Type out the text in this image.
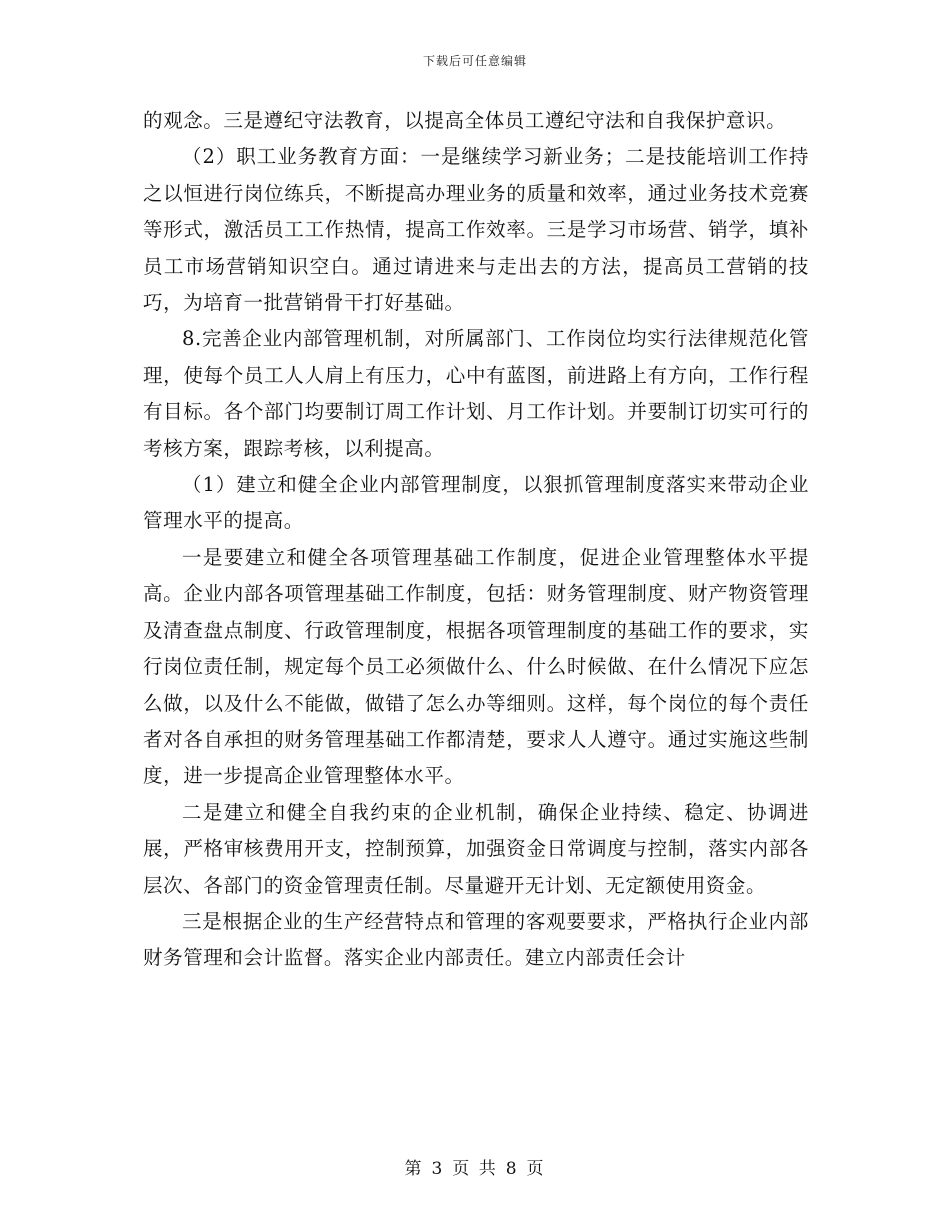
下载后可任意编辑

的观念。三是遵纪守法教育，以提高全体员工遵纪守法和自我保护意识。

（2）职工业务教育方面：一是继续学习新业务；二是技能培训工作持之以恒进行岗位练兵，不断提高办理业务的质量和效率，通过业务技术竞赛等形式，激活员工工作热情，提高工作效率。三是学习市场营、销学，填补员工市场营销知识空白。通过请进来与走出去的方法，提高员工营销的技巧，为培育一批营销骨干打好基础。

8.完善企业内部管理机制，对所属部门、工作岗位均实行法律规范化管理，使每个员工人人肩上有压力，心中有蓝图，前进路上有方向，工作行程有目标。各个部门均要制订周工作计划、月工作计划。并要制订切实可行的考核方案，跟踪考核，以利提高。

（1）建立和健全企业内部管理制度，以狠抓管理制度落实来带动企业管理水平的提高。

一是要建立和健全各项管理基础工作制度，促进企业管理整体水平提高。企业内部各项管理基础工作制度，包括：财务管理制度、财产物资管理及清查盘点制度、行政管理制度，根据各项管理制度的基础工作的要求，实行岗位责任制，规定每个员工必须做什么、什么时候做、在什么情况下应怎么做，以及什么不能做，做错了怎么办等细则。这样，每个岗位的每个责任者对各自承担的财务管理基础工作都清楚，要求人人遵守。通过实施这些制度，进一步提高企业管理整体水平。

二是建立和健全自我约束的企业机制，确保企业持续、稳定、协调进展，严格审核费用开支，控制预算，加强资金日常调度与控制，落实内部各层次、各部门的资金管理责任制。尽量避开无计划、无定额使用资金。

三是根据企业的生产经营特点和管理的客观要要求，严格执行企业内部财务管理和会计监督。落实企业内部责任。建立内部责任会计

第 3 页 共 8 页
